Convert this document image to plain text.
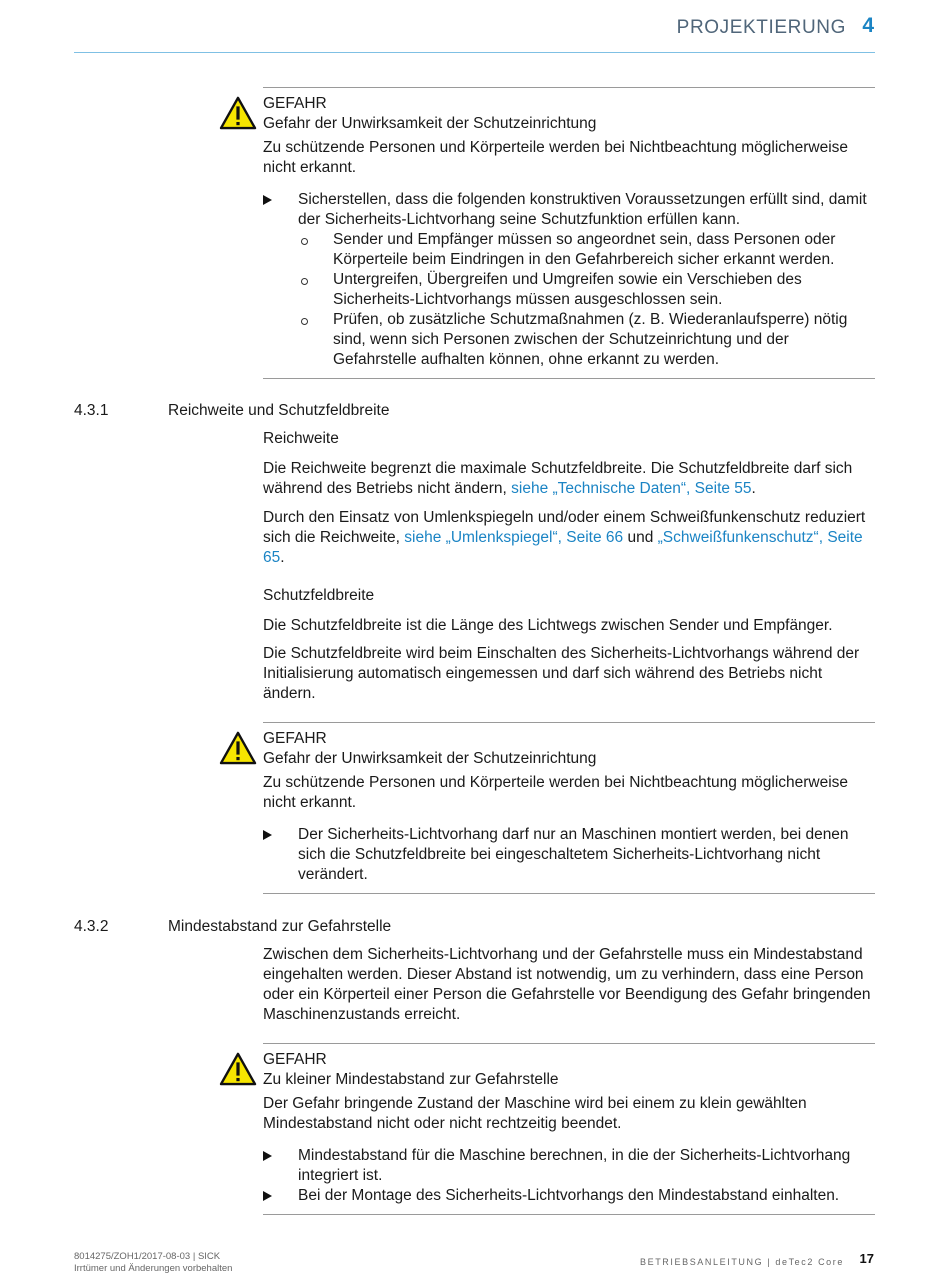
PROJEKTIERUNG 4

GEFAHR

Gefahr der Unwirksamkeit der Schutzeinrichtung

Zu schützende Personen und Körperteile werden bei Nichtbeachtung möglicherweise nicht erkannt.

Sicherstellen, dass die folgenden konstruktiven Voraussetzungen erfüllt sind, damit der Sicherheits-Lichtvorhang seine Schutzfunktion erfüllen kann.
Sender und Empfänger müssen so angeordnet sein, dass Personen oder Körperteile beim Eindringen in den Gefahrbereich sicher erkannt werden.
Untergreifen, Übergreifen und Umgreifen sowie ein Verschieben des Sicherheits-Lichtvorhangs müssen ausgeschlossen sein.
Prüfen, ob zusätzliche Schutzmaßnahmen (z. B. Wiederanlaufsperre) nötig sind, wenn sich Personen zwischen der Schutzeinrichtung und der Gefahrstelle aufhalten können, ohne erkannt zu werden.
4.3.1	Reichweite und Schutzfeldbreite
Reichweite

Die Reichweite begrenzt die maximale Schutzfeldbreite. Die Schutzfeldbreite darf sich während des Betriebs nicht ändern, siehe „Technische Daten“, Seite 55.

Durch den Einsatz von Umlenkspiegeln und/oder einem Schweißfunkenschutz reduziert sich die Reichweite, siehe „Umlenkspiegel“, Seite 66 und „Schweißfunkenschutz“, Seite 65.

Schutzfeldbreite

Die Schutzfeldbreite ist die Länge des Lichtwegs zwischen Sender und Empfänger.

Die Schutzfeldbreite wird beim Einschalten des Sicherheits-Lichtvorhangs während der Initialisierung automatisch eingemessen und darf sich während des Betriebs nicht ändern.

GEFAHR

Gefahr der Unwirksamkeit der Schutzeinrichtung

Zu schützende Personen und Körperteile werden bei Nichtbeachtung möglicherweise nicht erkannt.

Der Sicherheits-Lichtvorhang darf nur an Maschinen montiert werden, bei denen sich die Schutzfeldbreite bei eingeschaltetem Sicherheits-Lichtvorhang nicht verändert.
4.3.2	Mindestabstand zur Gefahrstelle

Zwischen dem Sicherheits-Lichtvorhang und der Gefahrstelle muss ein Mindestabstand eingehalten werden. Dieser Abstand ist notwendig, um zu verhindern, dass eine Person oder ein Körperteil einer Person die Gefahrstelle vor Beendigung des Gefahr bringenden Maschinenzustands erreicht.

GEFAHR

Zu kleiner Mindestabstand zur Gefahrstelle

Der Gefahr bringende Zustand der Maschine wird bei einem zu klein gewählten Mindestabstand nicht oder nicht rechtzeitig beendet.

Mindestabstand für die Maschine berechnen, in die der Sicherheits-Lichtvorhang integriert ist.
Bei der Montage des Sicherheits-Lichtvorhangs den Mindestabstand einhalten.
8014275/ZOH1/2017-08-03 | SICK
Irrtümer und Änderungen vorbehalten
BETRIEBSANLEITUNG | deTec2 Core 17
